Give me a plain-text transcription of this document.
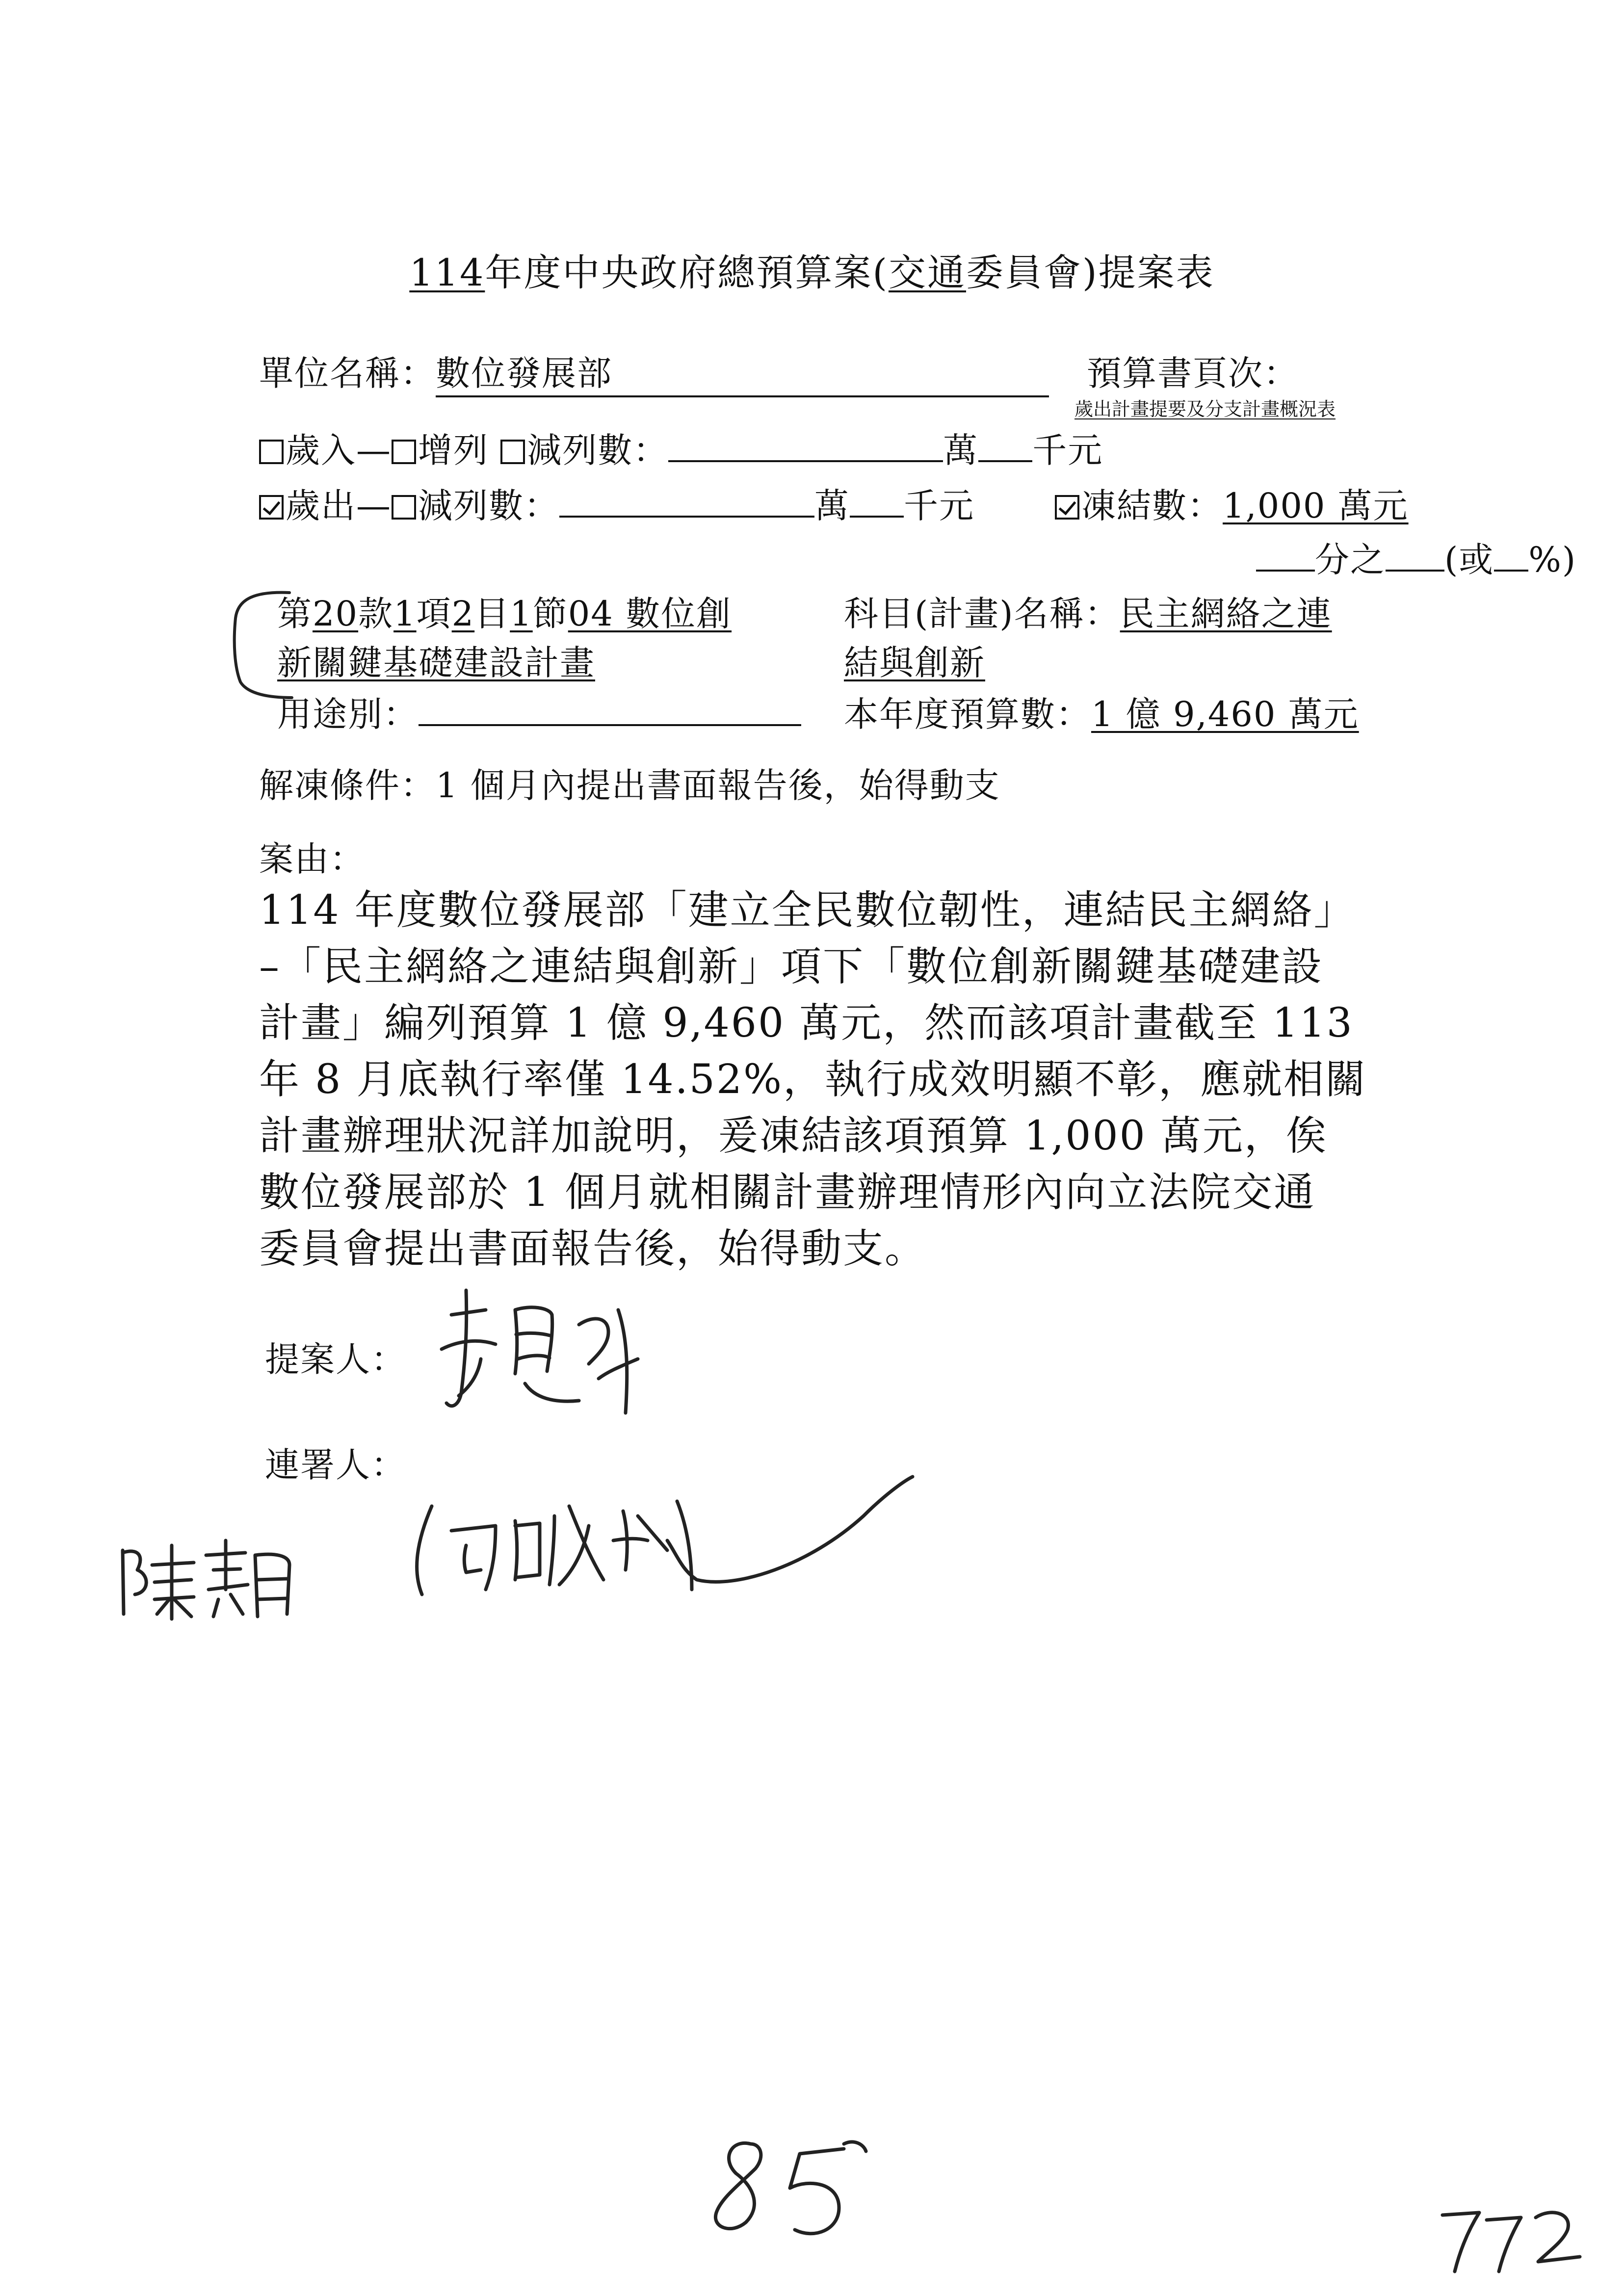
114年度中央政府總預算案(交通委員會)提案表
單位名稱：數位發展部	預算書頁次：
歲出計畫提要及分支計畫概況表
歲入— 增列 減列數：	萬 千元
歲出— 減列數：	萬 千元	凍結數：1,000 萬元
分之 (或 %)
第20款1項2目1節04 數位創
新關鍵基礎建設計畫
科目(計畫)名稱：民主網絡之連
結與創新
用途別：	本年度預算數：1 億 9,460 萬元
解凍條件：1 個月內提出書面報告後，始得動支
案由：
114 年度數位發展部「建立全民數位韌性，連結民主網絡」
–「民主網絡之連結與創新」項下「數位創新關鍵基礎建設
計畫」編列預算 1 億 9,460 萬元，然而該項計畫截至 113
年 8 月底執行率僅 14.52%，執行成效明顯不彰，應就相關
計畫辦理狀況詳加說明，爰凍結該項預算 1,000 萬元，俟
數位發展部於 1 個月就相關計畫辦理情形內向立法院交通
委員會提出書面報告後，始得動支。
提案人：
連署人：
